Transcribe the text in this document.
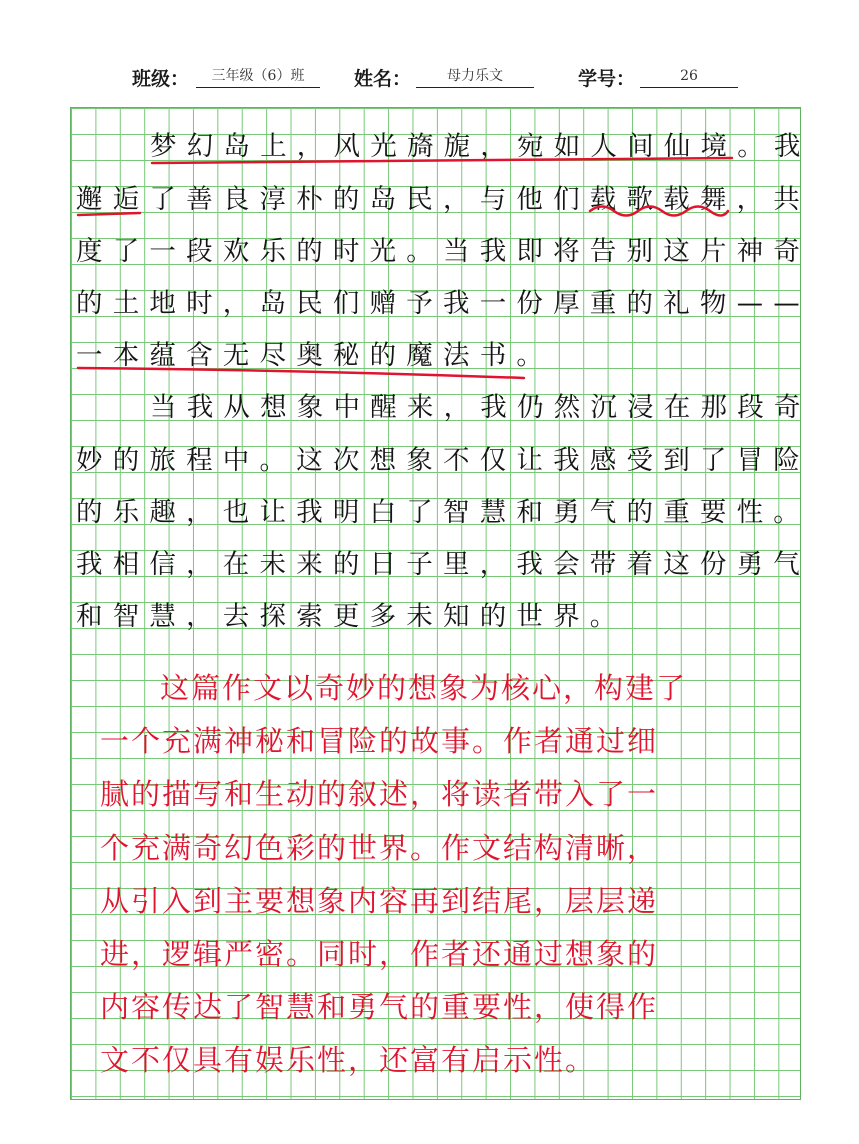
班级：	三年级（6）班	姓名：	母力乐文	学号：	26
梦幻岛上，风光旖旎，宛如人间仙境。我
邂逅了善良淳朴的岛民，与他们载歌载舞，共
度了一段欢乐的时光。当我即将告别这片神奇
的土地时，岛民们赠予我一份厚重的礼物——
一本蕴含无尽奥秘的魔法书。
当我从想象中醒来，我仍然沉浸在那段奇
妙的旅程中。这次想象不仅让我感受到了冒险
的乐趣，也让我明白了智慧和勇气的重要性。
我相信，在未来的日子里，我会带着这份勇气
和智慧，去探索更多未知的世界。
这篇作文以奇妙的想象为核心，构建了
一个充满神秘和冒险的故事。作者通过细
腻的描写和生动的叙述，将读者带入了一
个充满奇幻色彩的世界。作文结构清晰，
从引入到主要想象内容再到结尾，层层递
进，逻辑严密。同时，作者还通过想象的
内容传达了智慧和勇气的重要性，使得作
文不仅具有娱乐性，还富有启示性。
